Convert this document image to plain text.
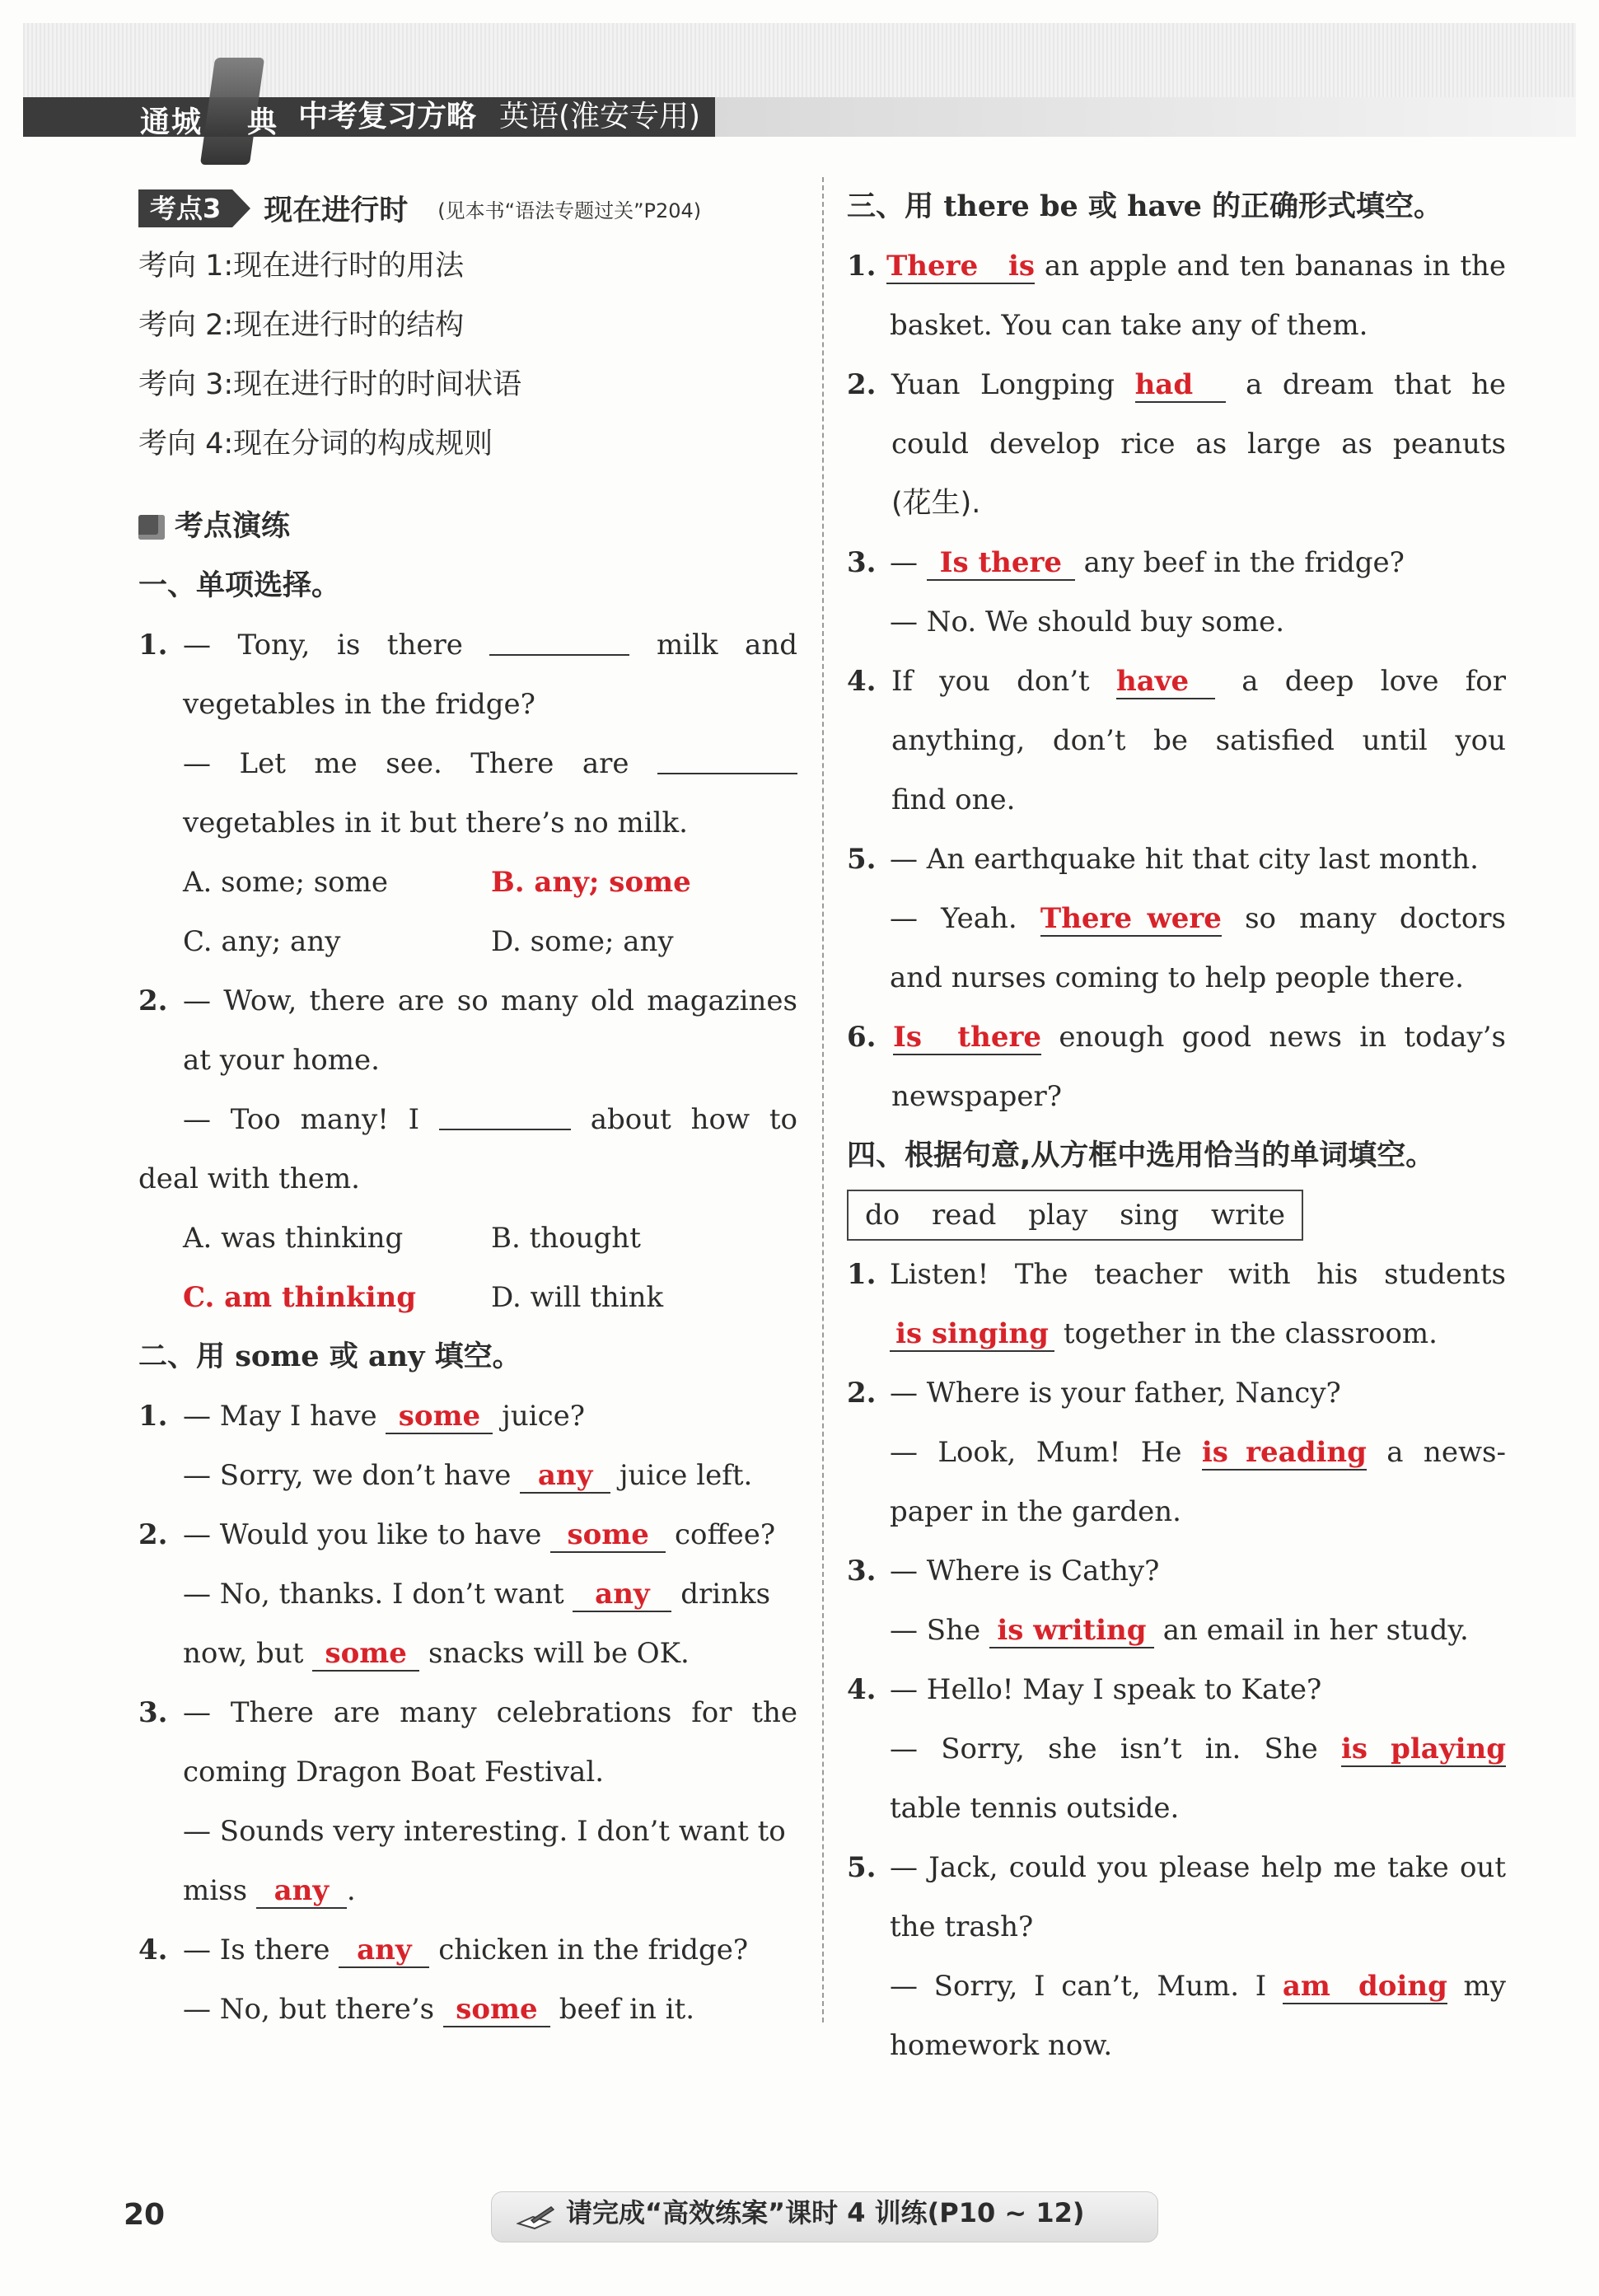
通城 典 中考复习方略 英语(淮安专用)
考点3 现在进行时 (见本书“语法专题过关”P204)
考向 1:现在进行时的用法
考向 2:现在进行时的结构
考向 3:现在进行时的时间状语
考向 4:现在分词的构成规则
考点演练
一、单项选择。
1. — Tony, is there	milk and
vegetables in the fridge?
— Let me see. There are
vegetables in it but there’s no milk.
A. some; some	B. any; some
C. any; any	D. some; any
2. — Wow, there are so many old magazines
at your home.
— Too many! I	about how to
deal with them.
A. was thinking	B. thought
C. am thinking	D. will think
二、用 some 或 any 填空。
1. — May I have some juice?
— Sorry, we don’t have any juice left.
2. — Would you like to have some coffee?
— No, thanks. I don’t want any drinks
now, but some snacks will be OK.
3. — There are many celebrations for the
coming Dragon Boat Festival.
— Sounds very interesting. I don’t want to
miss any .
4. — Is there any chicken in the fridge?
— No, but there’s some beef in it.
三、用 there be 或 have 的正确形式填空。
1. There is an apple and ten bananas in the
basket. You can take any of them.
2. Yuan Longping had a dream that he
could develop rice as large as peanuts
(花生).
3. — Is there any beef in the fridge?
— No. We should buy some.
4. If you don’t have a deep love for
anything, don’t be satisfied until you
find one.
5. — An earthquake hit that city last month.
— Yeah. There were so many doctors
and nurses coming to help people there.
6. Is there enough good news in today’s
newspaper?
四、根据句意,从方框中选用恰当的单词填空。
do read play sing write
1. Listen! The teacher with his students
is singing together in the classroom.
2. — Where is your father, Nancy?
— Look, Mum! He is reading a news-
paper in the garden.
3. — Where is Cathy?
— She is writing an email in her study.
4. — Hello! May I speak to Kate?
— Sorry, she isn’t in. She is playing
table tennis outside.
5. — Jack, could you please help me take out
the trash?
— Sorry, I can’t, Mum. I am doing my
homework now.
20	请完成“高效练案”课时 4 训练(P10 ~ 12)
